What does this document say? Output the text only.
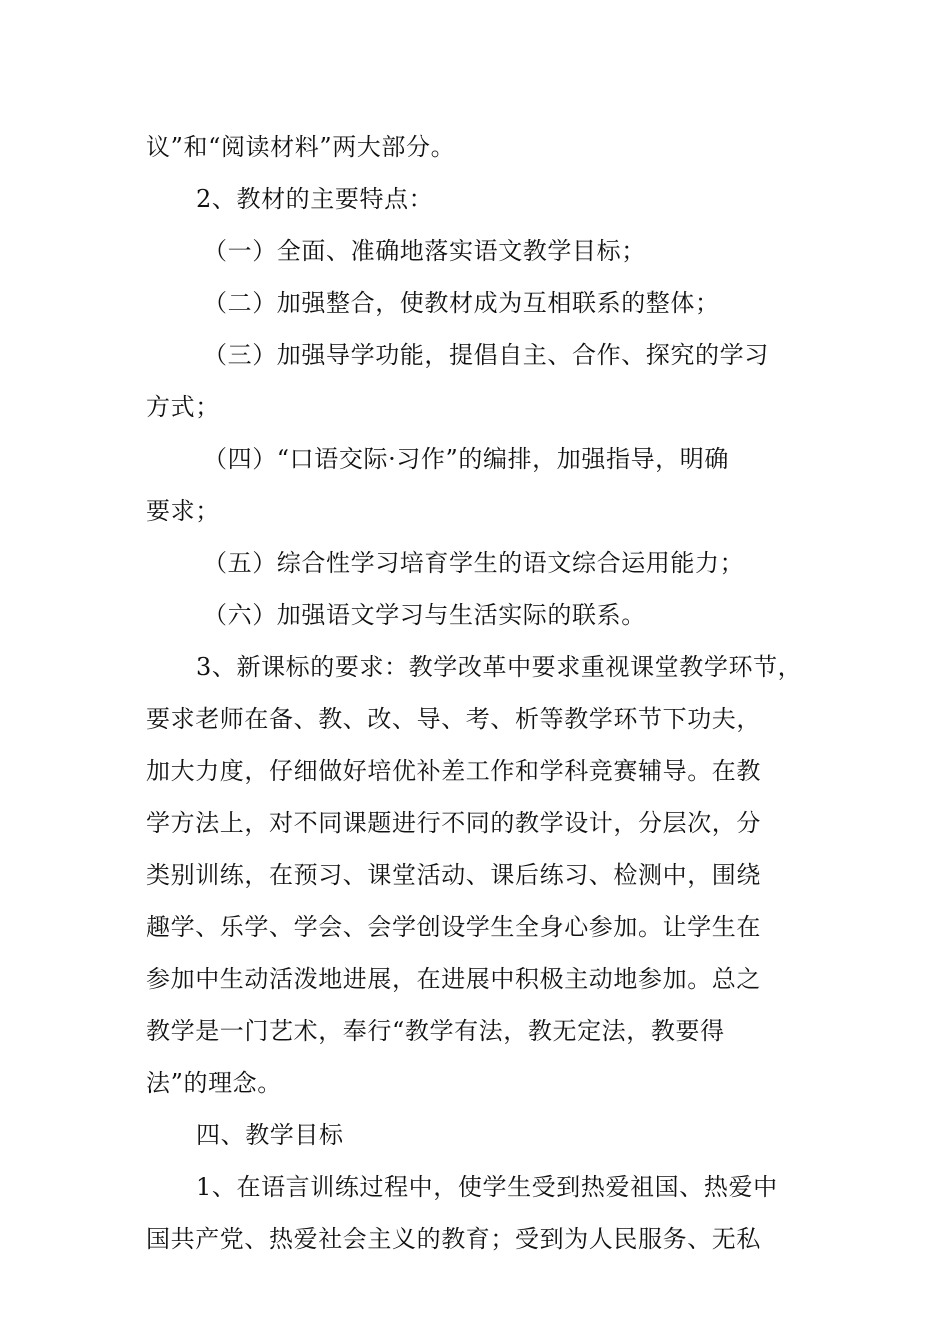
议”和“阅读材料”两大部分。
2、教材的主要特点：
（一）全面、准确地落实语文教学目标；
（二）加强整合，使教材成为互相联系的整体；
（三）加强导学功能，提倡自主、合作、探究的学习
方式；
（四）“口语交际·习作”的编排，加强指导，明确
要求；
（五）综合性学习培育学生的语文综合运用能力；
（六）加强语文学习与生活实际的联系。
3、新课标的要求：教学改革中要求重视课堂教学环节，
要求老师在备、教、改、导、考、析等教学环节下功夫，
加大力度，仔细做好培优补差工作和学科竞赛辅导。在教
学方法上，对不同课题进行不同的教学设计，分层次，分
类别训练，在预习、课堂活动、课后练习、检测中，围绕
趣学、乐学、学会、会学创设学生全身心参加。让学生在
参加中生动活泼地进展，在进展中积极主动地参加。总之
教学是一门艺术，奉行“教学有法，教无定法，教要得
法”的理念。
四、教学目标
1、在语言训练过程中，使学生受到热爱祖国、热爱中
国共产党、热爱社会主义的教育；受到为人民服务、无私
